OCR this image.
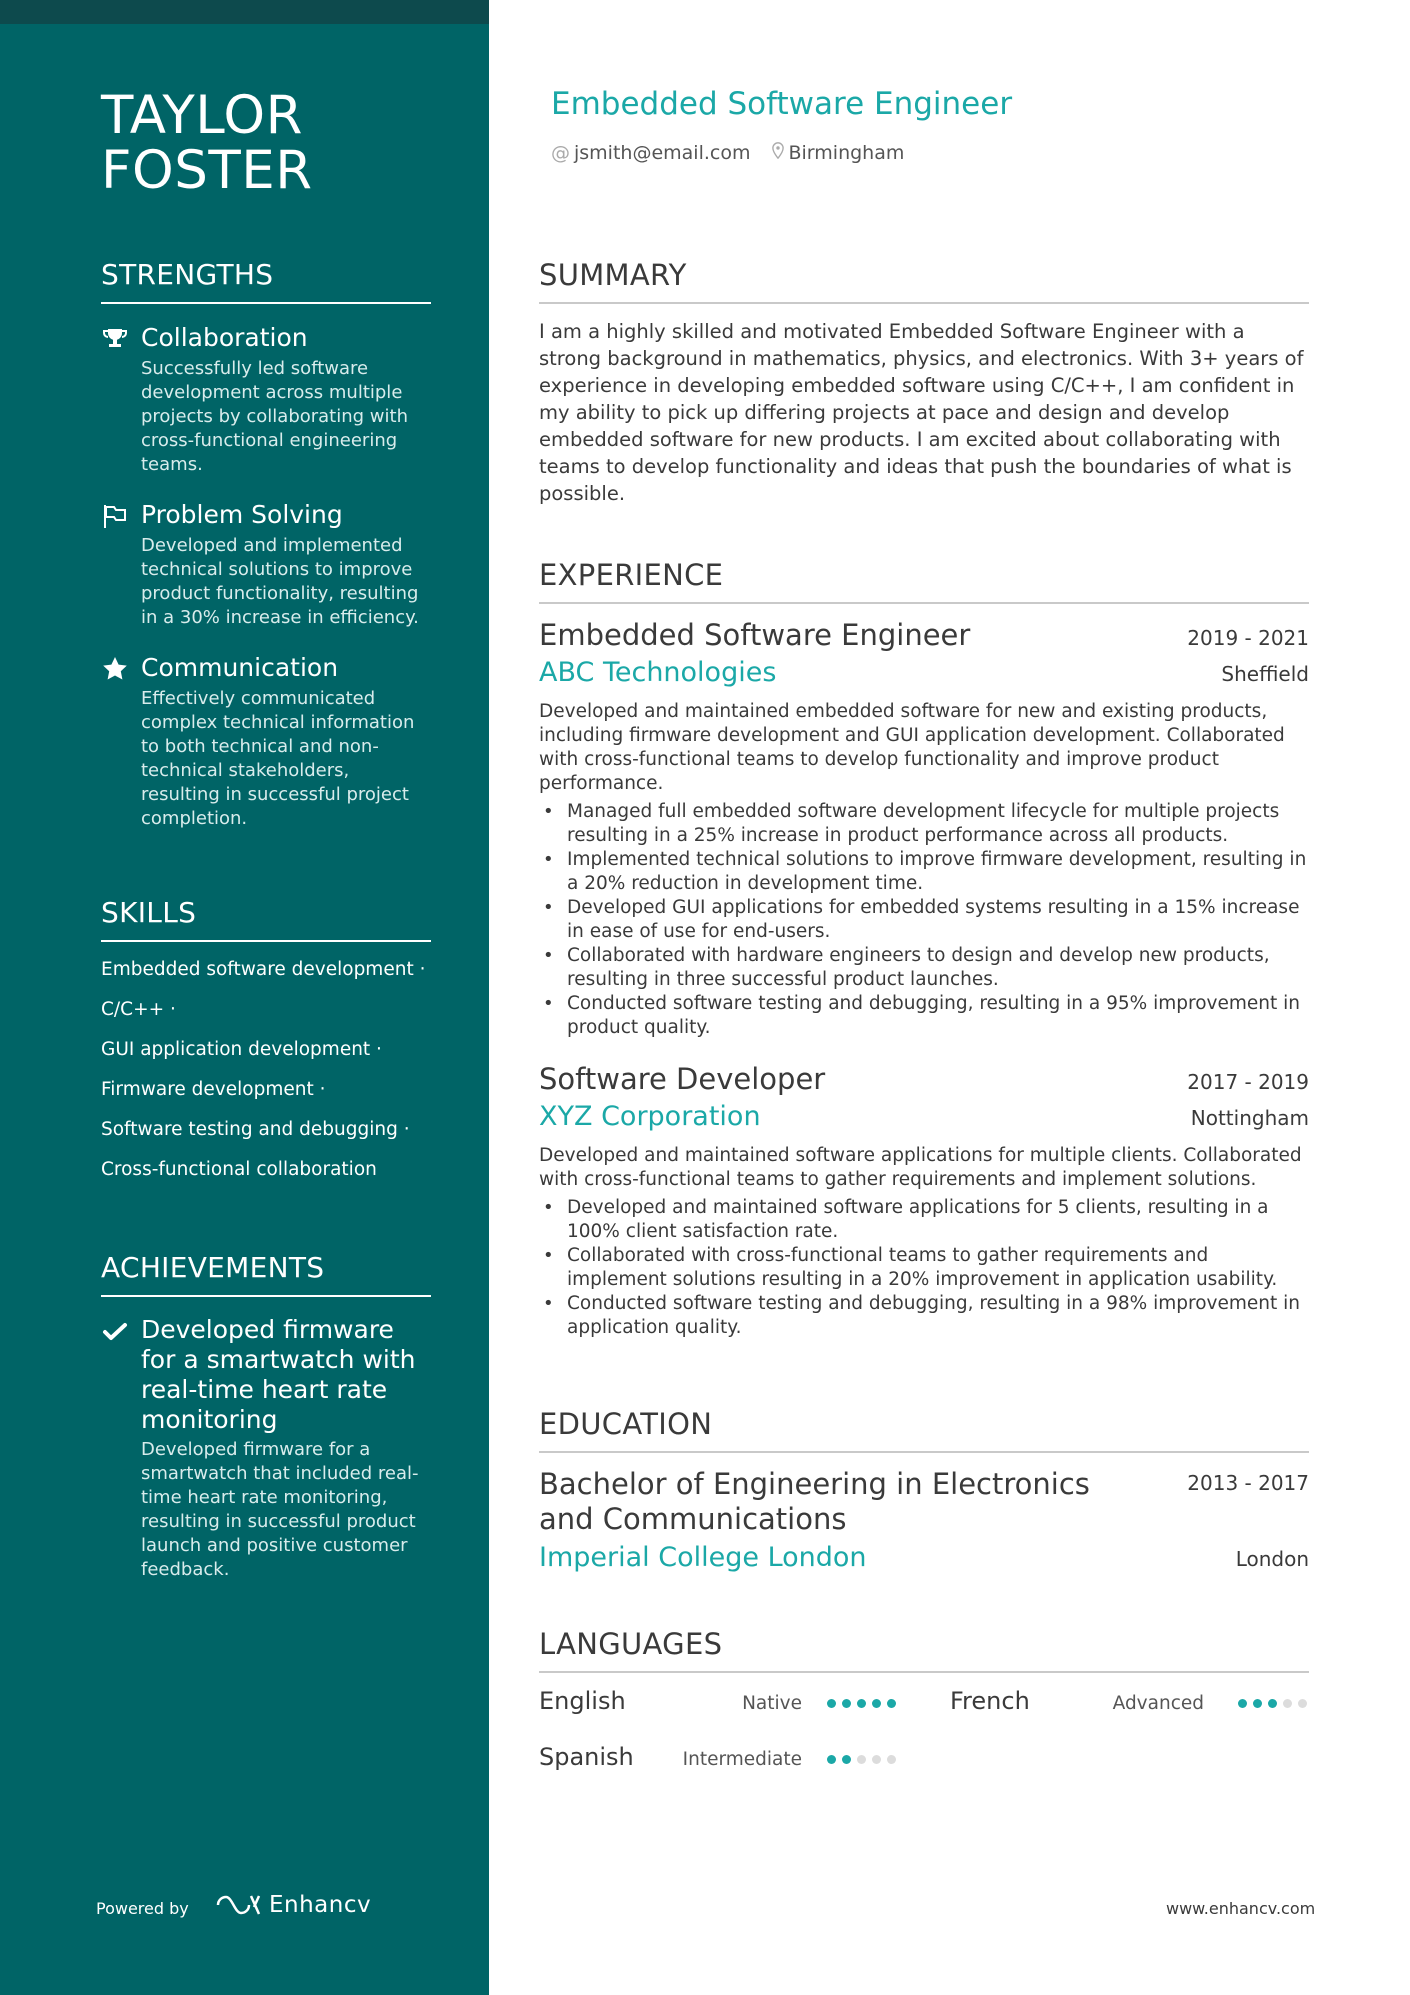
TAYLOR
FOSTER
STRENGTHS
Collaboration
Successfully led software development across multiple projects by collaborating with cross-functional engineering teams.
Problem Solving
Developed and implemented technical solutions to improve product functionality, resulting in a 30% increase in efficiency.
Communication
Effectively communicated complex technical information to both technical and non-technical stakeholders, resulting in successful project completion.
SKILLS
Embedded software development ·
C/C++ ·
GUI application development ·
Firmware development ·
Software testing and debugging ·
Cross-functional collaboration
ACHIEVEMENTS
Developed firmware for a smartwatch with real-time heart rate monitoring
Developed firmware for a smartwatch that included real-time heart rate monitoring, resulting in successful product launch and positive customer feedback.
Powered by	Enhancv
Embedded Software Engineer
@ jsmith@email.com Birmingham
SUMMARY
I am a highly skilled and motivated Embedded Software Engineer with a strong background in mathematics, physics, and electronics. With 3+ years of experience in developing embedded software using C/C++, I am confident in my ability to pick up differing projects at pace and design and develop embedded software for new products. I am excited about collaborating with teams to develop functionality and ideas that push the boundaries of what is possible.
EXPERIENCE
Embedded Software Engineer	2019 - 2021
ABC Technologies	Sheffield
Developed and maintained embedded software for new and existing products, including firmware development and GUI application development. Collaborated with cross-functional teams to develop functionality and improve product performance.
• Managed full embedded software development lifecycle for multiple projects resulting in a 25% increase in product performance across all products.
• Implemented technical solutions to improve firmware development, resulting in a 20% reduction in development time.
• Developed GUI applications for embedded systems resulting in a 15% increase in ease of use for end-users.
• Collaborated with hardware engineers to design and develop new products, resulting in three successful product launches.
• Conducted software testing and debugging, resulting in a 95% improvement in product quality.
Software Developer	2017 - 2019
XYZ Corporation	Nottingham
Developed and maintained software applications for multiple clients. Collaborated with cross-functional teams to gather requirements and implement solutions.
• Developed and maintained software applications for 5 clients, resulting in a 100% client satisfaction rate.
• Collaborated with cross-functional teams to gather requirements and implement solutions resulting in a 20% improvement in application usability.
• Conducted software testing and debugging, resulting in a 98% improvement in application quality.
EDUCATION
Bachelor of Engineering in Electronics and Communications
2013 - 2017
Imperial College London	London
LANGUAGES
English	Native	French	Advanced
Spanish	Intermediate
www.enhancv.com
